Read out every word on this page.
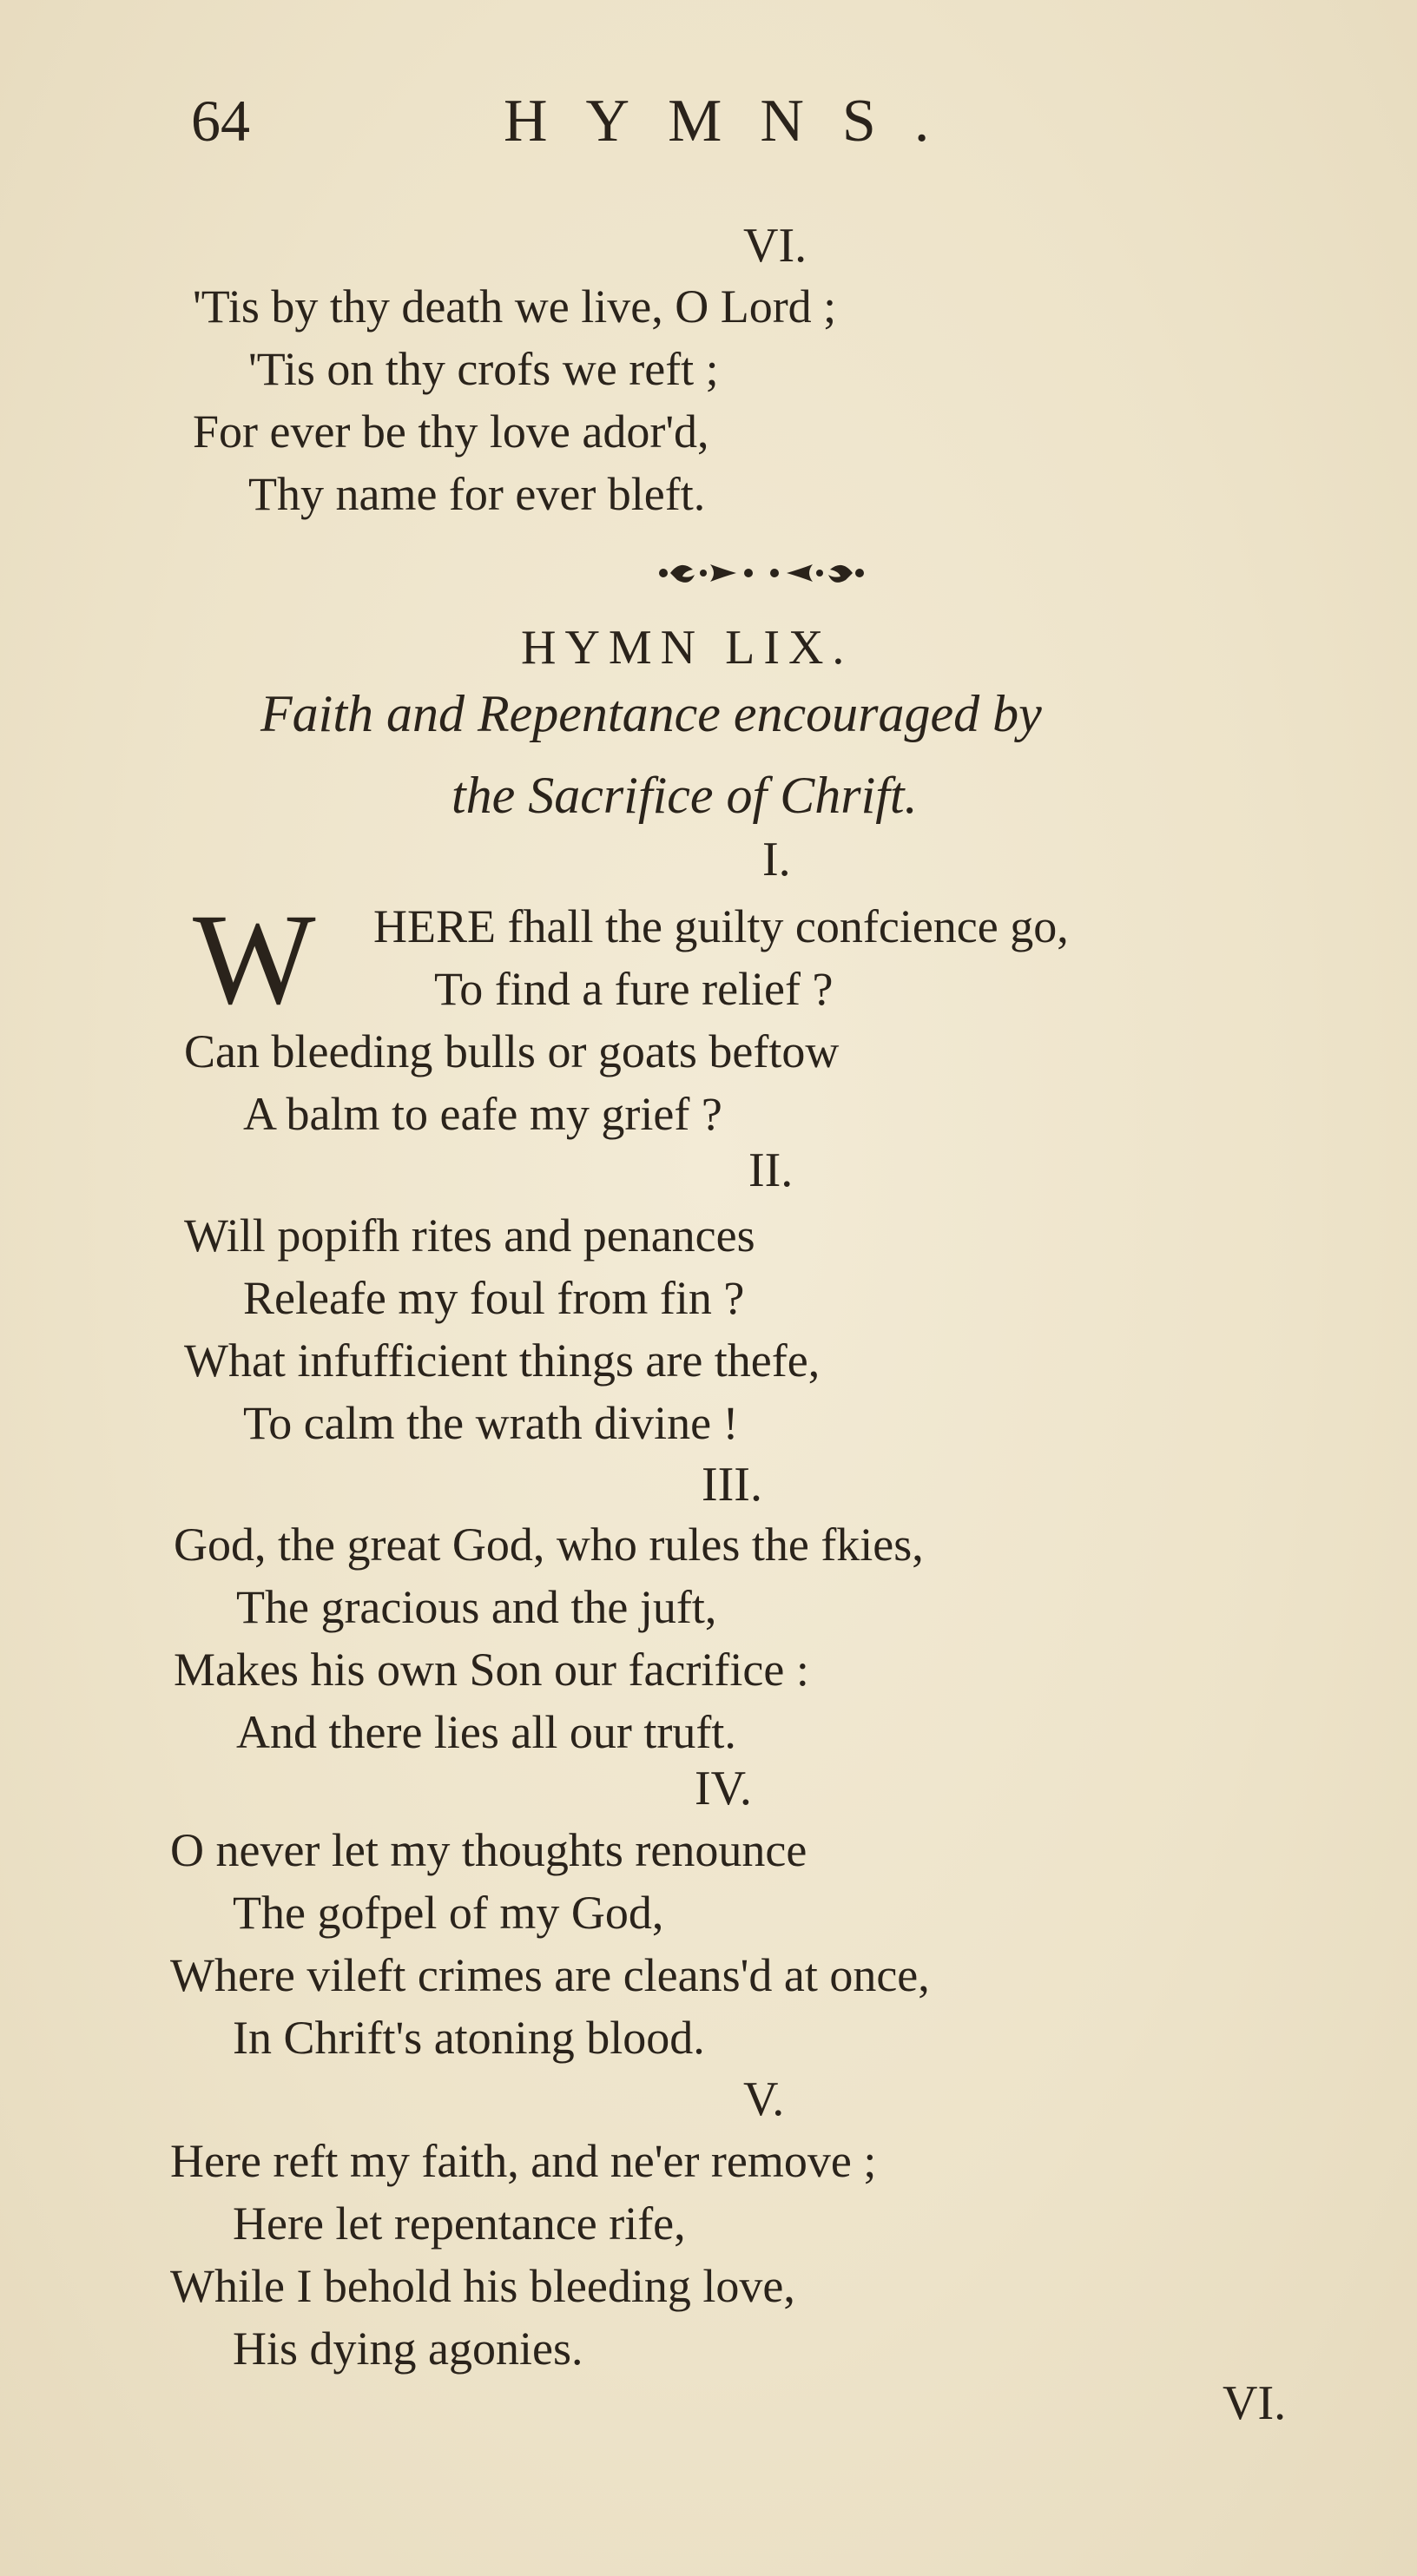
64	HYMNS.
VI.
'Tis by thy death we live, O Lord ;
'Tis on thy crofs we reft ;
For ever be thy love ador'd,
Thy name for ever bleft.
HYMN LIX.
Faith and Repentance encouraged by
the Sacrifice of Chrift.
I.
W HERE fhall the guilty confcience go,
To find a fure relief ?
Can bleeding bulls or goats beftow
A balm to eafe my grief ?
II.
Will popifh rites and penances
Releafe my foul from fin ?
What infufficient things are thefe,
To calm the wrath divine !
III.
God, the great God, who rules the fkies,
The gracious and the juft,
Makes his own Son our facrifice :
And there lies all our truft.
IV.
O never let my thoughts renounce
The gofpel of my God,
Where vileft crimes are cleans'd at once,
In Chrift's atoning blood.
V.
Here reft my faith, and ne'er remove ;
Here let repentance rife,
While I behold his bleeding love,
His dying agonies.
VI.
